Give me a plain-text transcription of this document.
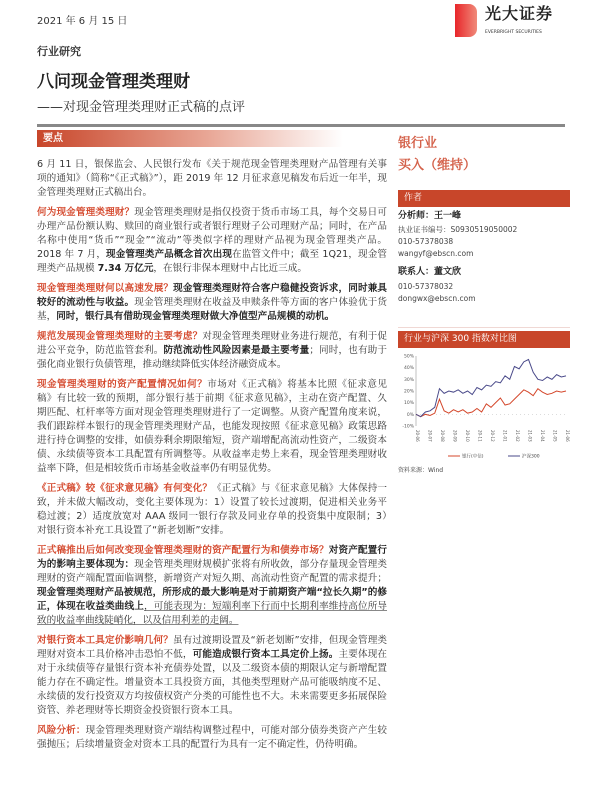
2021 年 6 月 15 日	光大证券
EVERBRIGHT SECURITIES
行业研究
八问现金管理类理财
——对现金管理类理财正式稿的点评
要点

6 月 11 日，银保监会、人民银行发布《关于规范现金管理类理财产品管理有关事项的通知》（简称“《正式稿》”），距 2019 年 12 月征求意见稿发布后近一年半，现金管理类理财正式稿出台。

何为现金管理类理财？现金管理类理财是指仅投资于货币市场工具，每个交易日可办理产品份额认购、赎回的商业银行或者银行理财子公司理财产品；同时，在产品名称中使用“货币”“现金”“流动”等类似字样的理财产品视为现金管理类产品。2018 年 7 月，现金管理类产品概念首次出现在监管文件中；截至 1Q21，现金管理类产品规模 7.34 万亿元，在银行非保本理财中占比近三成。

现金管理类理财何以高速发展？现金管理类理财符合客户稳健投资诉求，同时兼具较好的流动性与收益。现金管理类理财在收益及申赎条件等方面的客户体验优于货基，同时，银行具有借助现金管理类理财做大净值型产品规模的动机。

规范发展现金管理类理财的主要考虑？对现金管理类理财业务进行规范，有利于促进公平竞争，防范监管套利。防范流动性风险因素是最主要考量；同时，也有助于强化商业银行负债管理，推动继续降低实体经济融资成本。

现金管理类理财的资产配置情况如何？市场对《正式稿》将基本比照《征求意见稿》有比较一致的预期，部分银行基于前期《征求意见稿》，主动在资产配置、久期匹配、杠杆率等方面对现金管理类理财进行了一定调整。从资产配置角度来说，我们跟踪样本银行的现金管理类理财产品，也能发现按照《征求意见稿》政策思路进行持仓调整的安排，如债券剩余期限缩短，资产端增配高流动性资产，二级资本债、永续债等资本工具配置有所调整等。从收益率走势上来看，现金管理类理财收益率下降，但是相较货币市场基金收益率仍有明显优势。

《正式稿》较《征求意见稿》有何变化？《正式稿》与《征求意见稿》大体保持一致，并未做大幅改动，变化主要体现为：1）设置了较长过渡期，促进相关业务平稳过渡；2）适度放宽对 AAA 级同一银行存款及同业存单的投资集中度限制；3）　对银行资本补充工具设置了“新老划断”安排。

正式稿推出后如何改变现金管理类理财的资产配置行为和债券市场？对资产配置行为的影响主要体现为：现金管理类理财规模扩张将有所收敛，部分存量现金管理类理财的资产端配置面临调整，新增资产对短久期、高流动性资产配置的需求提升；现金管理类理财产品被规范，所形成的最大影响是对于前期资产端“拉长久期”的修正，体现在收益类曲线上，可能表现为：短端利率下行而中长期利率维持高位所导致的收益率曲线陡峭化，以及信用利差的走阔。

对银行资本工具定价影响几何？虽有过渡期设置及“新老划断”安排，但现金管理类理财对资本工具价格冲击恐怕不低，可能造成银行资本工具定价上扬。主要体现在对于永续债等存量银行资本补充债券处置，以及二级资本债的期限认定与新增配置能力存在不确定性。增量资本工具投资方面，其他类型理财产品可能吸纳度不足、永续债的发行投资双方均按债权资产分类的可能性也不大。未来需要更多拓展保险资管、养老理财等长期资金投资银行资本工具。

风险分析：现金管理类理财资产端结构调整过程中，可能对部分债券类资产产生较强抛压；后续增量资金对资本工具的配置行为具有一定不确定性，仍待明确。

银行业
买入（维持）
作者
分析师：王一峰
执业证书编号：S0930519050002
010-57378038
wangyf@ebscn.com
联系人：董文欣
010-57378032
dongwx@ebscn.com
行业与沪深 300 指数对比图
50%
40%
30%
20%
10%
0%
-10%
20-06 20-07 20-08 20-09 20-10 20-11 20-12 21-01 21-02 21-03 21-04 21-05 21-06
银行(中信)	沪深300
资料来源：Wind
